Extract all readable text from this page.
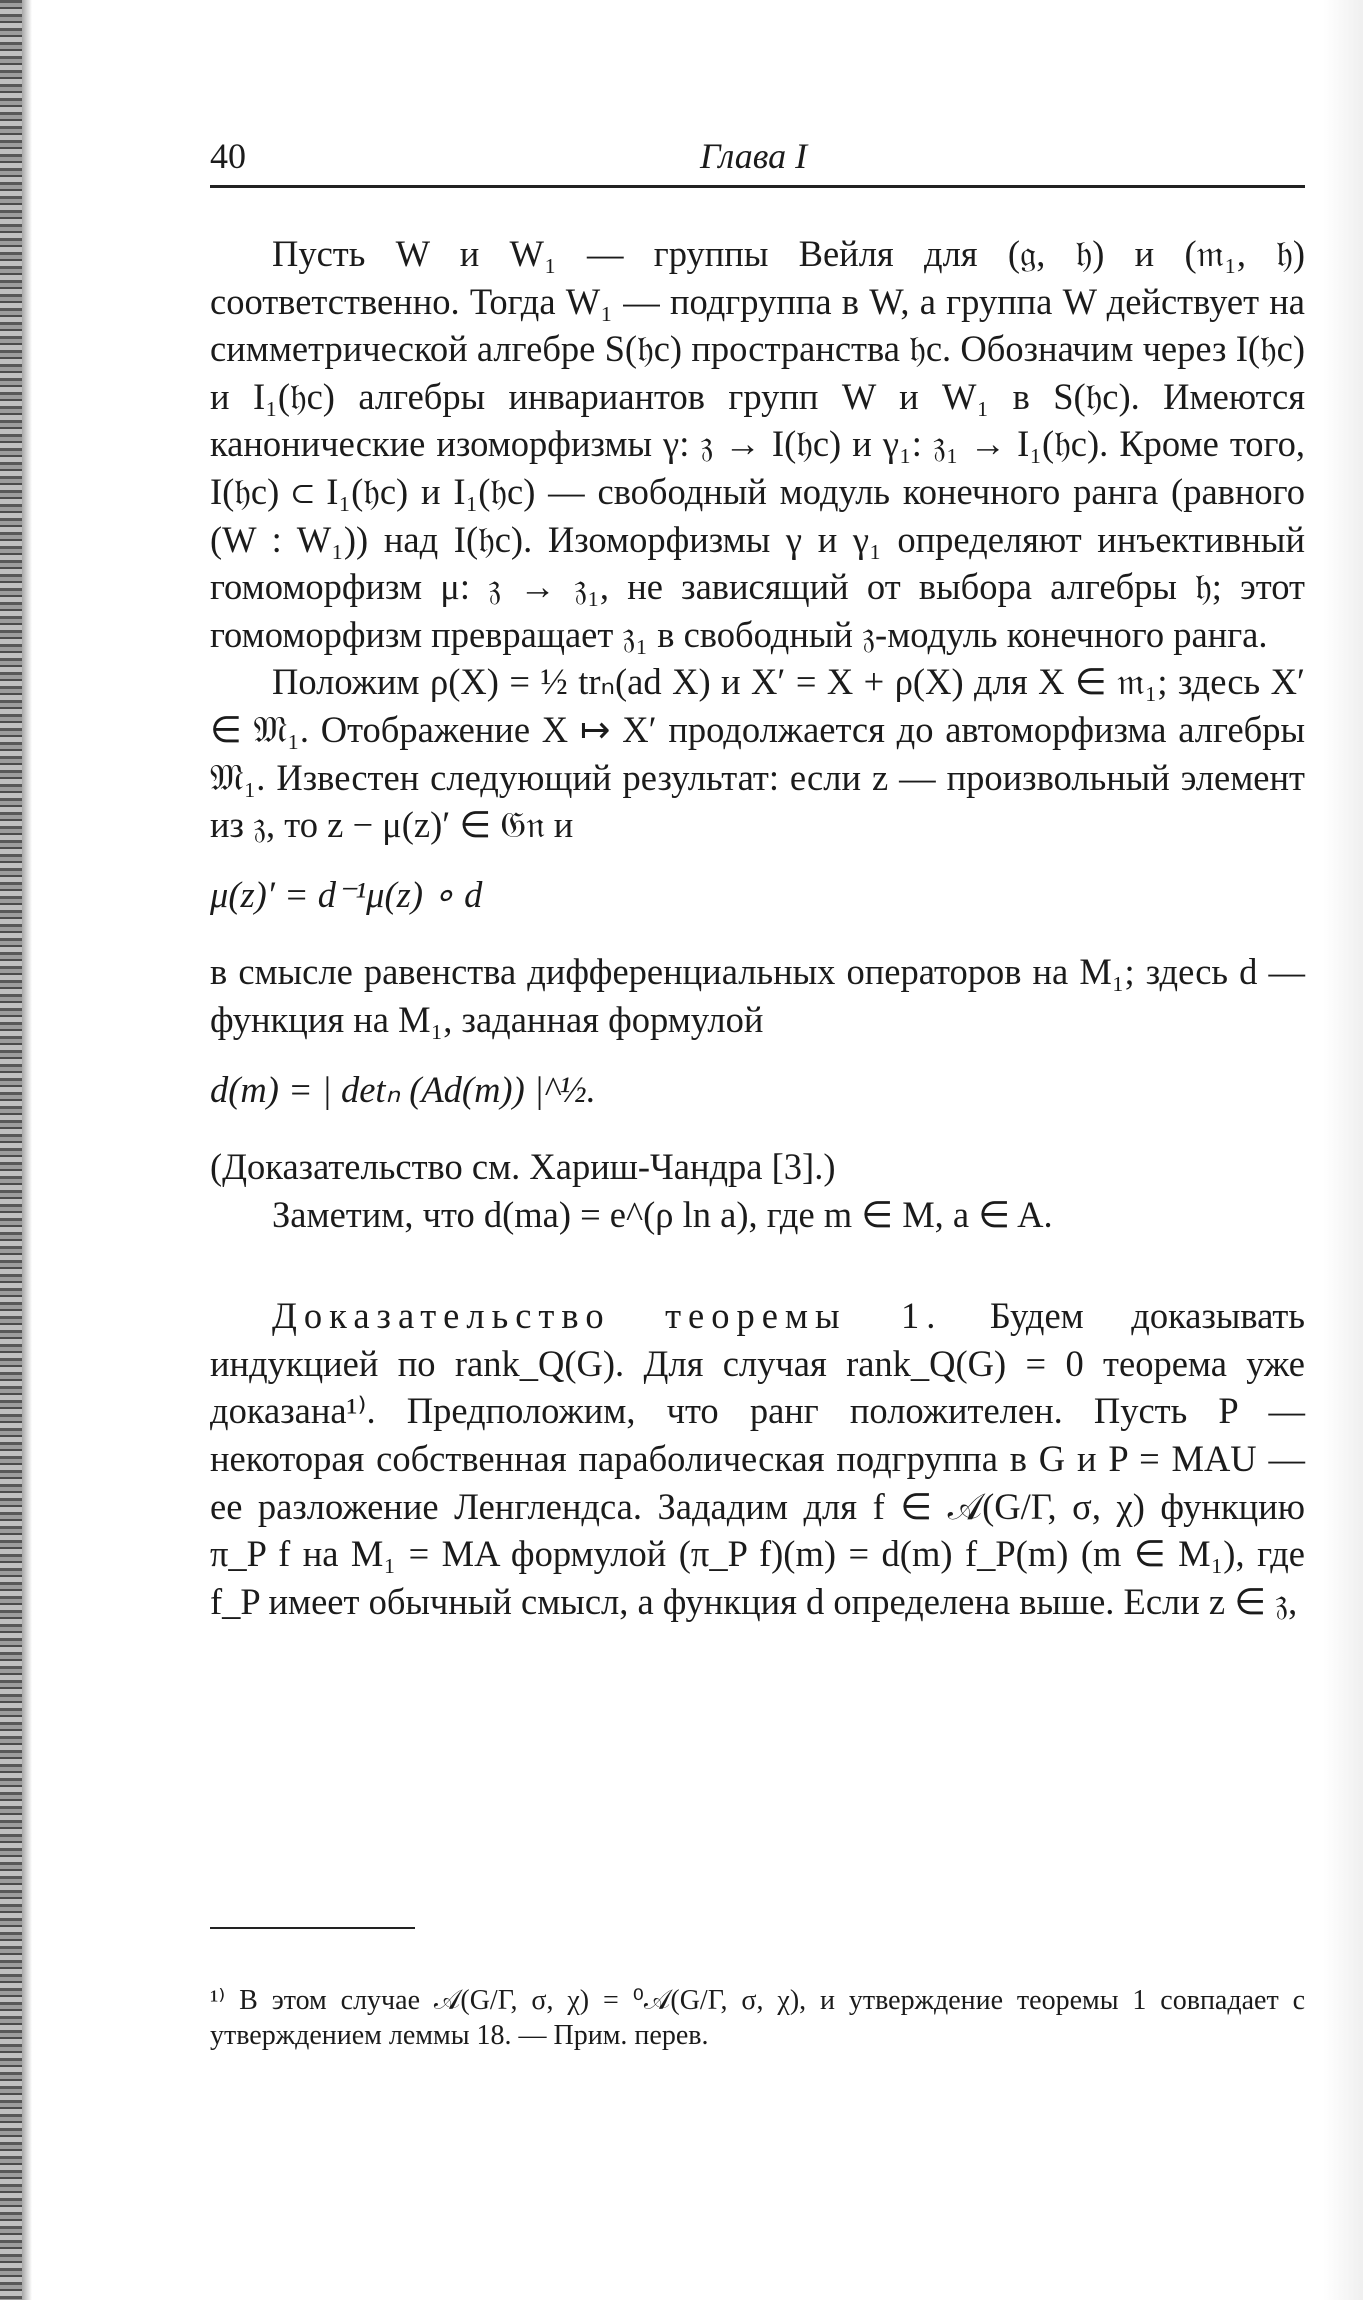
40	Глава I

Пусть W и W₁ — группы Вейля для (𝔤, 𝔥) и (𝔪₁, 𝔥) соответственно. Тогда W₁ — подгруппа в W, а группа W действует на симметрической алгебре S(𝔥c) пространства 𝔥c. Обозначим через I(𝔥c) и I₁(𝔥c) алгебры инвариантов групп W и W₁ в S(𝔥c). Имеются канонические изоморфизмы γ: 𝔷 → I(𝔥c) и γ₁: 𝔷₁ → I₁(𝔥c). Кроме того, I(𝔥c) ⊂ I₁(𝔥c) и I₁(𝔥c) — свободный модуль конечного ранга (равного (W : W₁)) над I(𝔥c). Изоморфизмы γ и γ₁ определяют инъективный гомоморфизм μ: 𝔷 → 𝔷₁, не зависящий от выбора алгебры 𝔥; этот гомоморфизм превращает 𝔷₁ в свободный 𝔷-модуль конечного ранга.

Положим ρ(X) = ½ trₙ(ad X) и X′ = X + ρ(X) для X ∈ 𝔪₁; здесь X′ ∈ 𝔐₁. Отображение X ↦ X′ продолжается до автоморфизма алгебры 𝔐₁. Известен следующий результат: если z — произвольный элемент из 𝔷, то z − μ(z)′ ∈ 𝔊𝔫 и

μ(z)′ = d⁻¹μ(z) ∘ d

в смысле равенства дифференциальных операторов на M₁; здесь d — функция на M₁, заданная формулой

d(m) = | detₙ (Ad(m)) |^½.

(Доказательство см. Хариш-Чандра [3].)

Заметим, что d(ma) = e^(ρ ln a), где m ∈ M, a ∈ A.

Доказательство теоремы 1. Будем доказывать индукцией по rank_Q(G). Для случая rank_Q(G) = 0 теорема уже доказана¹⁾. Предположим, что ранг положителен. Пусть P — некоторая собственная параболическая подгруппа в G и P = MAU — ее разложение Ленглендса. Зададим для f ∈ 𝒜(G/Γ, σ, χ) функцию π_P f на M₁ = MA формулой (π_P f)(m) = d(m) f_P(m) (m ∈ M₁), где f_P имеет обычный смысл, а функция d определена выше. Если z ∈ 𝔷,

¹⁾ В этом случае 𝒜(G/Γ, σ, χ) = ⁰𝒜(G/Γ, σ, χ), и утверждение теоремы 1 совпадает с утверждением леммы 18. — Прим. перев.
